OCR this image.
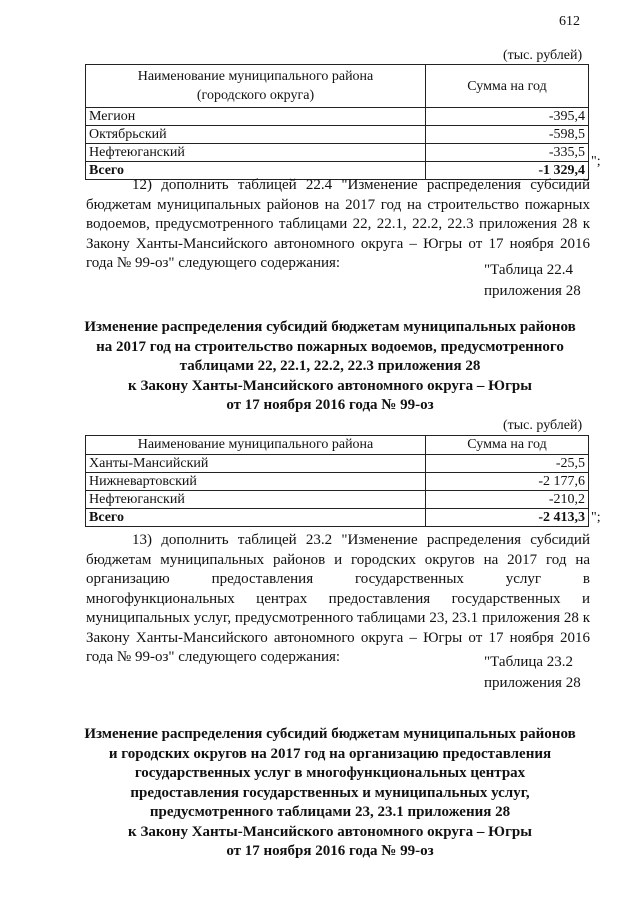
612
(тыс. рублей)
Наименование муниципального района
(городского округа)	Сумма на год
Мегион	-395,4
Октябрьский	-598,5
Нефтеюганский	-335,5
Всего	-1 329,4
";
12) дополнить таблицей 22.4 "Изменение распределения субсидий бюджетам муниципальных районов на 2017 год на строительство пожарных водоемов, предусмотренного таблицами 22, 22.1, 22.2, 22.3 приложения 28 к Закону Ханты-Мансийского автономного округа – Югры от 17 ноября 2016 года № 99-оз" следующего содержания:	"Таблица 22.4
приложения 28
Изменение распределения субсидий бюджетам муниципальных районов
на 2017 год на строительство пожарных водоемов, предусмотренного
таблицами 22, 22.1, 22.2, 22.3 приложения 28
к Закону Ханты-Мансийского автономного округа – Югры
от 17 ноября 2016 года № 99-оз
(тыс. рублей)
Наименование муниципального района	Сумма на год
Ханты-Мансийский	-25,5
Нижневартовский	-2 177,6
Нефтеюганский	-210,2
Всего	-2 413,3 ";
13) дополнить таблицей 23.2 "Изменение распределения субсидий бюджетам муниципальных районов и городских округов на 2017 год на организацию предоставления государственных услуг в многофункциональных центрах предоставления государственных и муниципальных услуг, предусмотренного таблицами 23, 23.1 приложения 28 к Закону Ханты-Мансийского автономного округа – Югры от 17 ноября 2016 года № 99-оз" следующего содержания:	"Таблица 23.2
приложения 28
Изменение распределения субсидий бюджетам муниципальных районов
и городских округов на 2017 год на организацию предоставления
государственных услуг в многофункциональных центрах
предоставления государственных и муниципальных услуг,
предусмотренного таблицами 23, 23.1 приложения 28
к Закону Ханты-Мансийского автономного округа – Югры
от 17 ноября 2016 года № 99-оз
